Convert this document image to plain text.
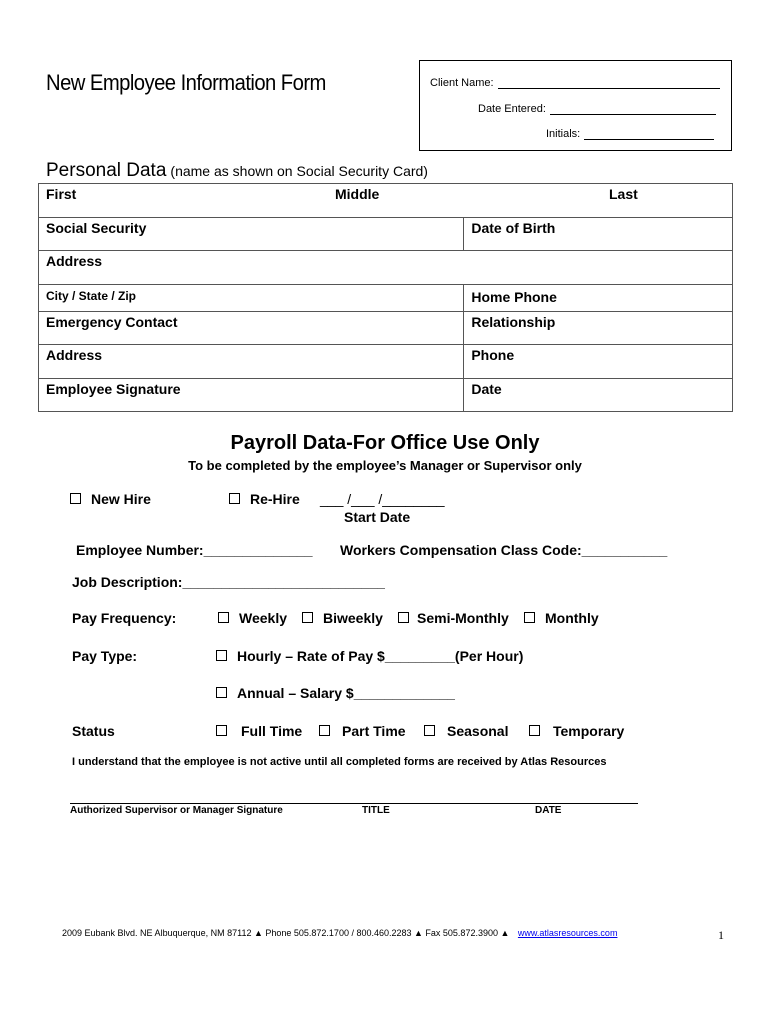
New Employee Information Form	Client Name:
Date Entered:
Initials:
Personal Data (name as shown on Social Security Card)
First Middle Last	

Social Security	Date of Birth
Address	
City / State / Zip	Home Phone
Emergency Contact	Relationship
Address	Phone
Employee Signature	Date
Payroll Data-For Office Use Only
To be completed by the employee’s Manager or Supervisor only
New Hire	Re-Hire ___ /___ /________
Start Date
Employee Number:______________ Workers Compensation Class Code:___________
Job Description:__________________________
Pay Frequency:	Weekly	Biweekly	Semi-Monthly	Monthly
Pay Type:	Hourly – Rate of Pay $_________(Per Hour)
Annual – Salary $_____________
Status	Full Time	Part Time	Seasonal	Temporary
I understand that the employee is not active until all completed forms are received by Atlas Resources
Authorized Supervisor or Manager Signature	TITLE	DATE
2009 Eubank Blvd. NE Albuquerque, NM 87112 ▲ Phone 505.872.1700 / 800.460.2283 ▲ Fax 505.872.3900 ▲ www.atlasresources.com	1
